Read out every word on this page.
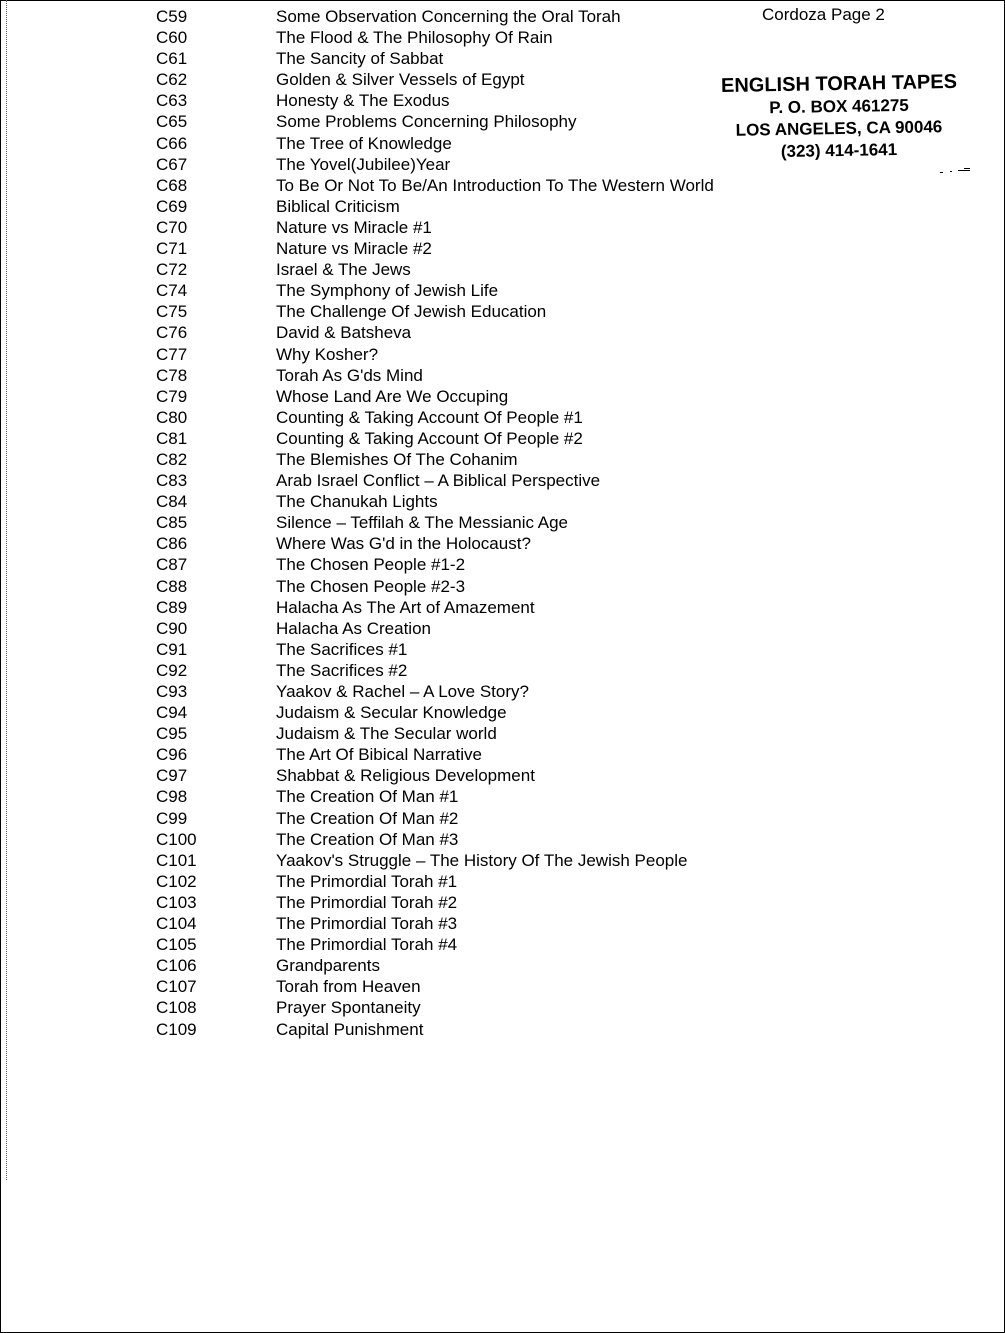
Cordoza Page 2
ENGLISH TORAH TAPES
P. O. BOX 461275
LOS ANGELES, CA 90046
(323) 414-1641
C59	Some Observation Concerning the Oral Torah
C60	The Flood & The Philosophy Of Rain
C61	The Sancity of Sabbat
C62	Golden & Silver Vessels of Egypt
C63	Honesty & The Exodus
C65	Some Problems Concerning Philosophy
C66	The Tree of Knowledge
C67	The Yovel(Jubilee)Year
C68	To Be Or Not To Be/An Introduction To The Western World
C69	Biblical Criticism
C70	Nature vs Miracle #1
C71	Nature vs Miracle #2
C72	Israel & The Jews
C74	The Symphony of Jewish Life
C75	The Challenge Of Jewish Education
C76	David & Batsheva
C77	Why Kosher?
C78	Torah As G'ds Mind
C79	Whose Land Are We Occuping
C80	Counting & Taking Account Of People #1
C81	Counting & Taking Account Of People #2
C82	The Blemishes Of The Cohanim
C83	Arab Israel Conflict – A Biblical Perspective
C84	The Chanukah Lights
C85	Silence – Teffilah & The Messianic Age
C86	Where Was G'd in the Holocaust?
C87	The Chosen People #1-2
C88	The Chosen People #2-3
C89	Halacha As The Art of Amazement
C90	Halacha As Creation
C91	The Sacrifices #1
C92	The Sacrifices #2
C93	Yaakov & Rachel – A Love Story?
C94	Judaism & Secular Knowledge
C95	Judaism & The Secular world
C96	The Art Of Bibical Narrative
C97	Shabbat & Religious Development
C98	The Creation Of Man #1
C99	The Creation Of Man #2
C100	The Creation Of Man #3
C101	Yaakov's Struggle – The History Of The Jewish People
C102	The Primordial Torah #1
C103	The Primordial Torah #2
C104	The Primordial Torah #3
C105	The Primordial Torah #4
C106	Grandparents
C107	Torah from Heaven
C108	Prayer Spontaneity
C109	Capital Punishment
